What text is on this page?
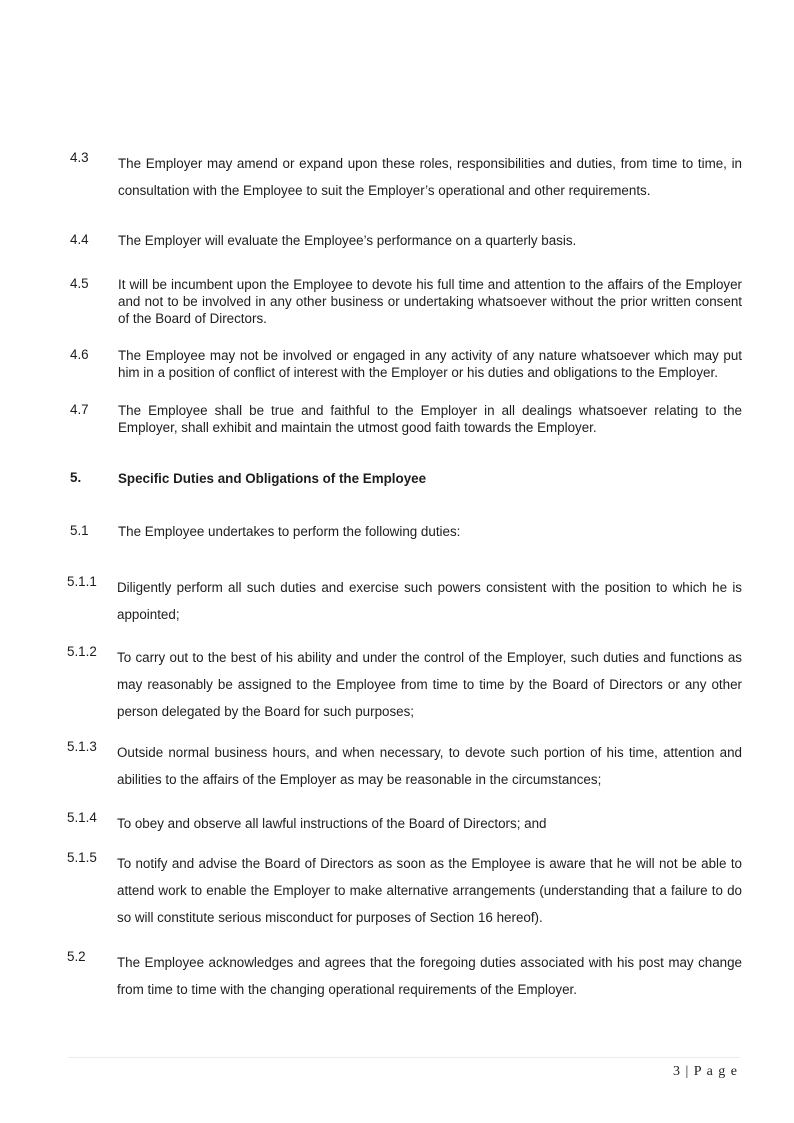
4.3 The Employer may amend or expand upon these roles, responsibilities and duties, from time to time, in consultation with the Employee to suit the Employer’s operational and other requirements.
4.4 The Employer will evaluate the Employee’s performance on a quarterly basis.
4.5 It will be incumbent upon the Employee to devote his full time and attention to the affairs of the Employer and not to be involved in any other business or undertaking whatsoever without the prior written consent of the Board of Directors.
4.6 The Employee may not be involved or engaged in any activity of any nature whatsoever which may put him in a position of conflict of interest with the Employer or his duties and obligations to the Employer.
4.7 The Employee shall be true and faithful to the Employer in all dealings whatsoever relating to the Employer, shall exhibit and maintain the utmost good faith towards the Employer.
5.	Specific Duties and Obligations of the Employee
5.1 The Employee undertakes to perform the following duties:
5.1.1 Diligently perform all such duties and exercise such powers consistent with the position to which he is appointed;
5.1.2 To carry out to the best of his ability and under the control of the Employer, such duties and functions as may reasonably be assigned to the Employee from time to time by the Board of Directors or any other person delegated by the Board for such purposes;
5.1.3 Outside normal business hours, and when necessary, to devote such portion of his time, attention and abilities to the affairs of the Employer as may be reasonable in the circumstances;
5.1.4 To obey and observe all lawful instructions of the Board of Directors; and
5.1.5 To notify and advise the Board of Directors as soon as the Employee is aware that he will not be able to attend work to enable the Employer to make alternative arrangements (understanding that a failure to do so will constitute serious misconduct for purposes of Section 16 hereof).
5.2 The Employee acknowledges and agrees that the foregoing duties associated with his post may change from time to time with the changing operational requirements of the Employer.
3 | P a g e
